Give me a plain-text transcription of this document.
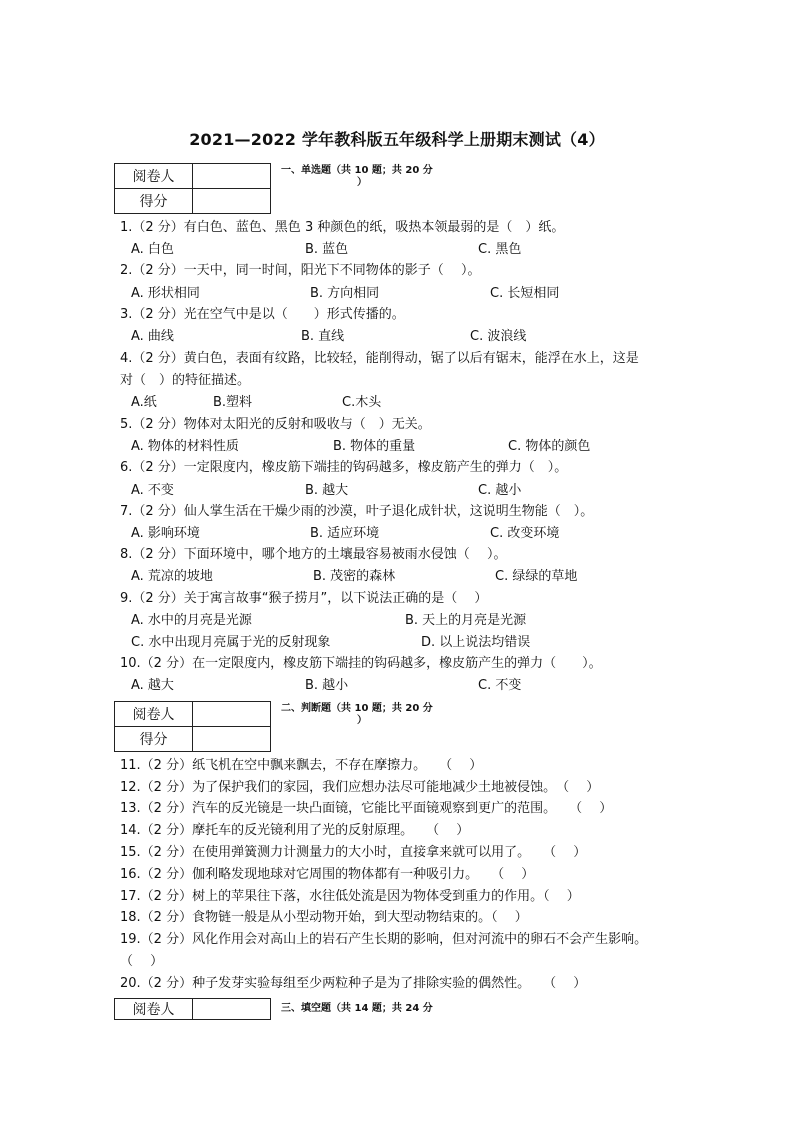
2021—2022 学年教科版五年级科学上册期末测试（4）
阅卷人	
得分	
一、单选题（共 10 题；共 20 分
）
1.（2 分）有白色、蓝色、黑色 3 种颜色的纸，吸热本领最弱的是（　）纸。
A. 白色	B. 蓝色	C. 黑色
2.（2 分）一天中，同一时间，阳光下不同物体的影子（　 ）。
A. 形状相同	B. 方向相同	C. 长短相同
3.（2 分）光在空气中是以（　　）形式传播的。
A. 曲线	B. 直线	C. 波浪线
4.（2 分）黄白色，表面有纹路，比较轻，能削得动，锯了以后有锯末，能浮在水上，这是
对（　）的特征描述。
A.纸	B.塑料	C.木头
5.（2 分）物体对太阳光的反射和吸收与（　）无关。
A. 物体的材料性质	B. 物体的重量	C. 物体的颜色
6.（2 分）一定限度内，橡皮筋下端挂的钩码越多，橡皮筋产生的弹力（　）。
A. 不变	B. 越大	C. 越小
7.（2 分）仙人掌生活在干燥少雨的沙漠，叶子退化成针状，这说明生物能（　）。
A. 影响环境	B. 适应环境	C. 改变环境
8.（2 分）下面环境中，哪个地方的土壤最容易被雨水侵蚀（　 ）。
A. 荒凉的坡地	B. 茂密的森林	C. 绿绿的草地
9.（2 分）关于寓言故事“猴子捞月”，以下说法正确的是（　 ）
A. 水中的月亮是光源	B. 天上的月亮是光源
C. 水中出现月亮属于光的反射现象	D. 以上说法均错误
10.（2 分）在一定限度内，橡皮筋下端挂的钩码越多，橡皮筋产生的弹力（　　）。
A. 越大	B. 越小	C. 不变
阅卷人	
得分	
二、判断题（共 10 题；共 20 分
）
11.（2 分）纸飞机在空中飘来飘去，不存在摩擦力。　　（　 ）
12.（2 分）为了保护我们的家园，我们应想办法尽可能地减少土地被侵蚀。　（　 ）
13.（2 分）汽车的反光镜是一块凸面镜，它能比平面镜观察到更广的范围。　　（　 ）
14.（2 分）摩托车的反光镜利用了光的反射原理。　　（　 ）
15.（2 分）在使用弹簧测力计测量力的大小时，直接拿来就可以用了。　　（　 ）
16.（2 分）伽利略发现地球对它周围的物体都有一种吸引力。　　（　 ）
17.（2 分）树上的苹果往下落，水往低处流是因为物体受到重力的作用。（　 ）
18.（2 分）食物链一般是从小型动物开始，到大型动物结束的。（　 ）
19.（2 分）风化作用会对高山上的岩石产生长期的影响，但对河流中的卵石不会产生影响。
（　 ）
20.（2 分）种子发芽实验每组至少两粒种子是为了排除实验的偶然性。　　（　 ）
阅卷人		三、填空题（共 14 题；共 24 分
